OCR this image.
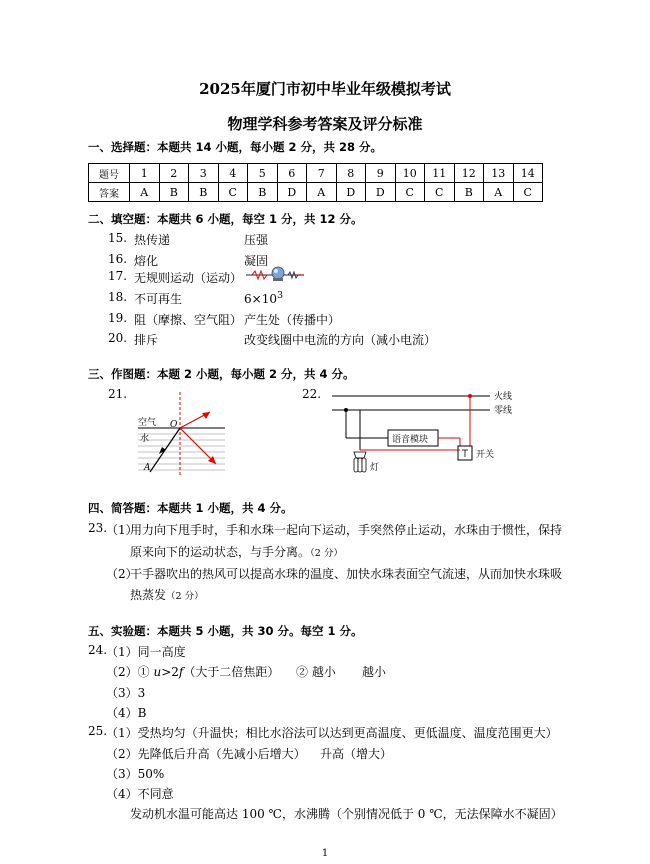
2025年厦门市初中毕业年级模拟考试
物理学科参考答案及评分标准
一、选择题：本题共 14 小题，每小题 2 分，共 28 分。
题号	1	2	3	4	5	6	7	8	9	10	11	12	13	14
答案	A	B	B	C	B	D	A	D	D	C	C	B	A	C
二、填空题：本题共 6 小题，每空 1 分，共 12 分。
15. 热传递	压强
16. 熔化	凝固
17. 无规则运动（运动）
18. 不可再生	$6\times 10^3$
19. 阻（摩擦、空气阻） 产生处（传播中）
20. 排斥	改变线圈中电流的方向（减小电流）
三、作图题：本题 2 小题，每小题 2 分，共 4 分。
21.	22.
空气
水
O
A
火线
零线
语音模块
开关
灯
四、简答题：本题共 1 小题，共 4 分。
23.
（1）
用力向下甩手时，手和水珠一起向下运动，手突然停止运动，水珠由于惯性，保持
原来向下的运动状态，与手分离。（2 分）
（2）
干手器吹出的热风可以提高水珠的温度、加快水珠表面空气流速，从而加快水珠吸
热蒸发（2 分）
五、实验题：本题共 5 小题，共 30 分。每空 1 分。
24.
（1）同一高度
（2）① u>2f（大于二倍焦距） ② 越小 越小
（3）3
（4）B
25.
（1）受热均匀（升温快；相比水浴法可以达到更高温度、更低温度、温度范围更大）
（2）先降低后升高（先减小后增大） 升高（增大）
（3）50%
（4）不同意
发动机水温可能高达 100 ℃，水沸腾（个别情况低于 0 ℃，无法保障水不凝固）
1
